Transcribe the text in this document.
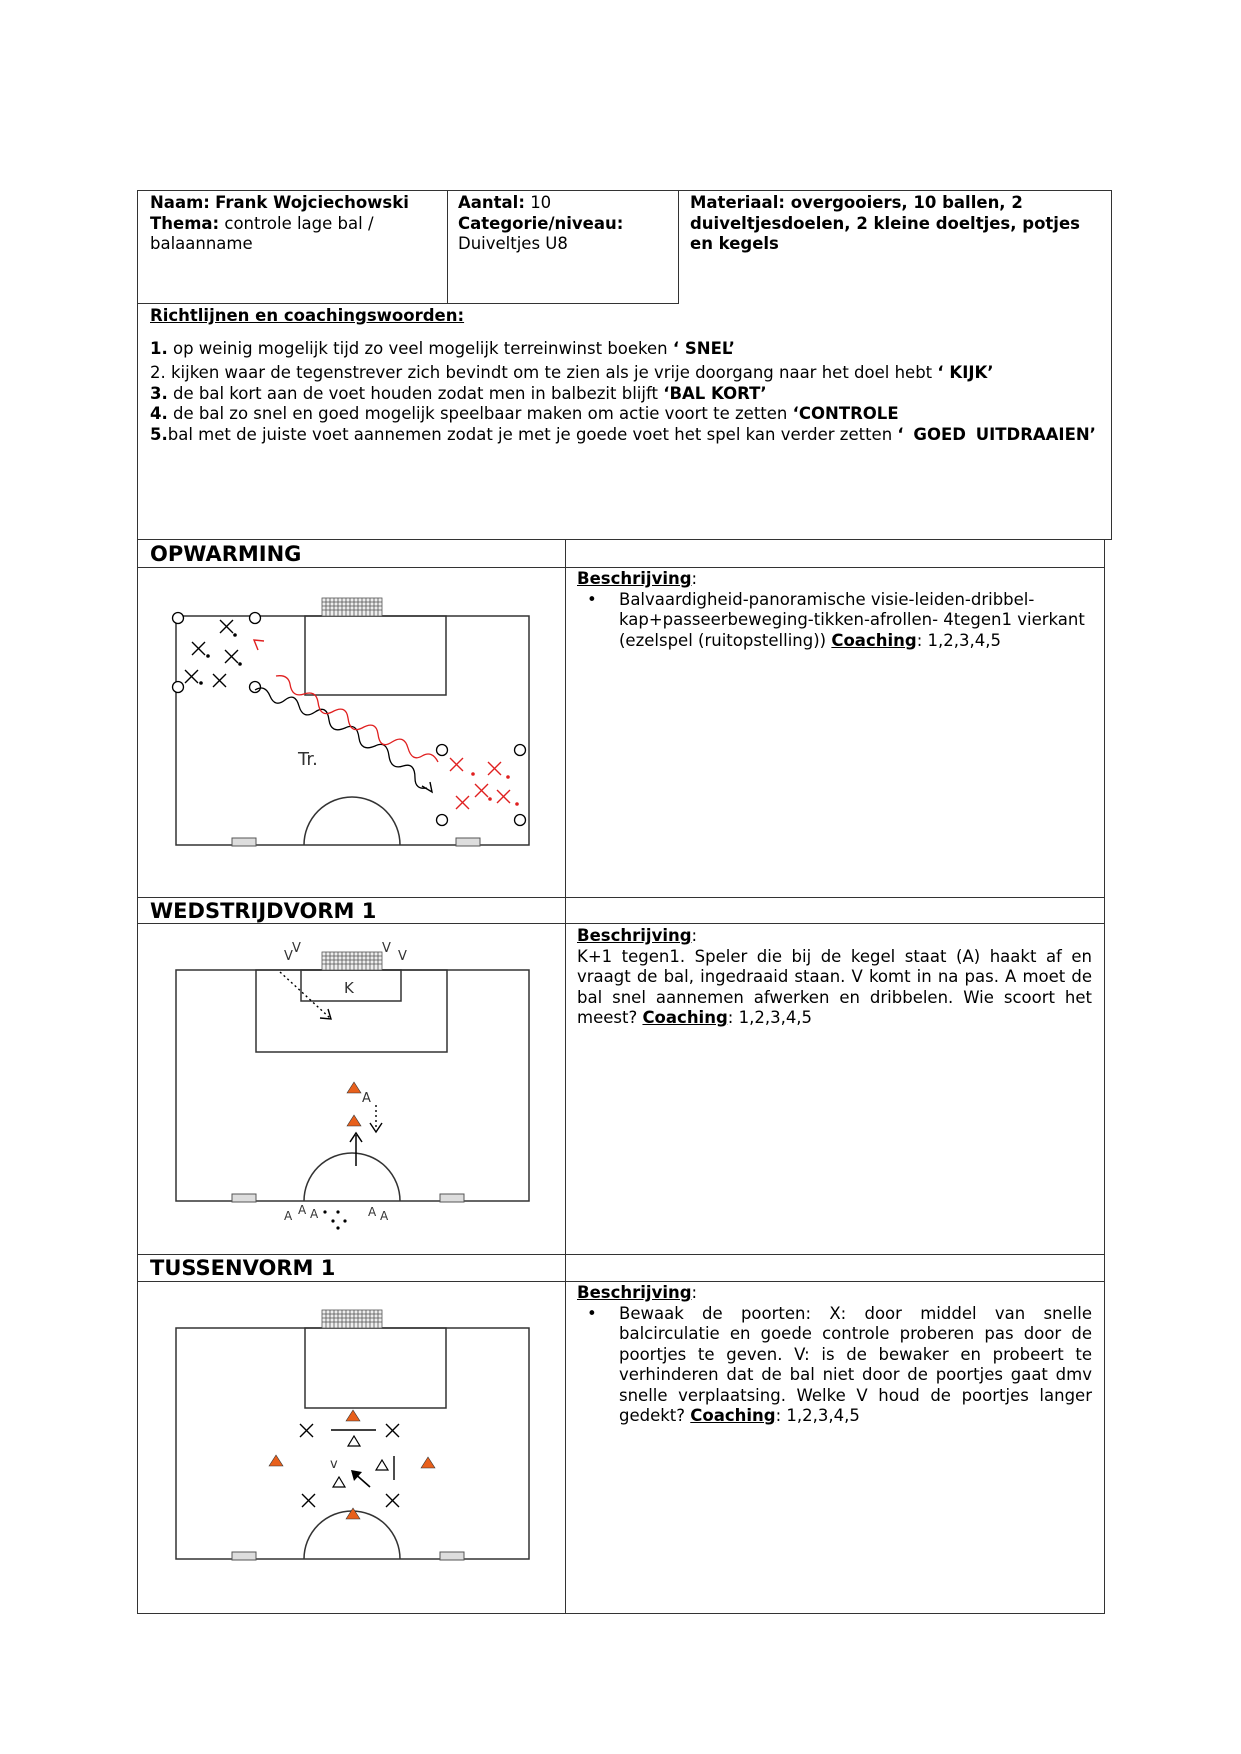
Naam: Frank Wojciechowski
Thema: controle lage bal / balaanname
Aantal: 10
Categorie/niveau:
Duiveltjes U8
Materiaal: overgooiers, 10 ballen, 2 duiveltjesdoelen, 2 kleine doeltjes, potjes en kegels
Richtlijnen en coachingswoorden:
1. op weinig mogelijk tijd zo veel mogelijk terreinwinst boeken ‘ SNEL’
2. kijken waar de tegenstrever zich bevindt om te zien als je vrije doorgang naar het doel hebt ‘ KIJK’
3. de bal kort aan de voet houden zodat men in balbezit blijft ‘BAL KORT’
4. de bal zo snel en goed mogelijk speelbaar maken om actie voort te zetten ‘CONTROLE
5.bal met de juiste voet aannemen zodat je met je goede voet het spel kan verder zetten ‘ GOED UITDRAAIEN’
OPWARMING
WEDSTRIJDVORM 1
TUSSENVORM 1
Beschrijving:
• Balvaardigheid-panoramische visie-leiden-dribbel-kap+passeerbeweging-tikken-afrollen- 4tegen1 vierkant (ezelspel (ruitopstelling)) Coaching: 1,2,3,4,5
Beschrijving:
K+1 tegen1. Speler die bij de kegel staat (A) haakt af en vraagt de bal, ingedraaid staan. V komt in na pas. A moet de bal snel aannemen afwerken en dribbelen. Wie scoort het meest? Coaching: 1,2,3,4,5
Beschrijving:
• Bewaak de poorten: X: door middel van snelle balcirculatie en goede controle proberen pas door de poortjes te geven. V: is de bewaker en probeert te verhinderen dat de bal niet door de poortjes gaat dmv snelle verplaatsing. Welke V houd de poortjes langer gedekt? Coaching: 1,2,3,4,5
Tr.
K
V
V	V
V
A
A A A	A A
v
